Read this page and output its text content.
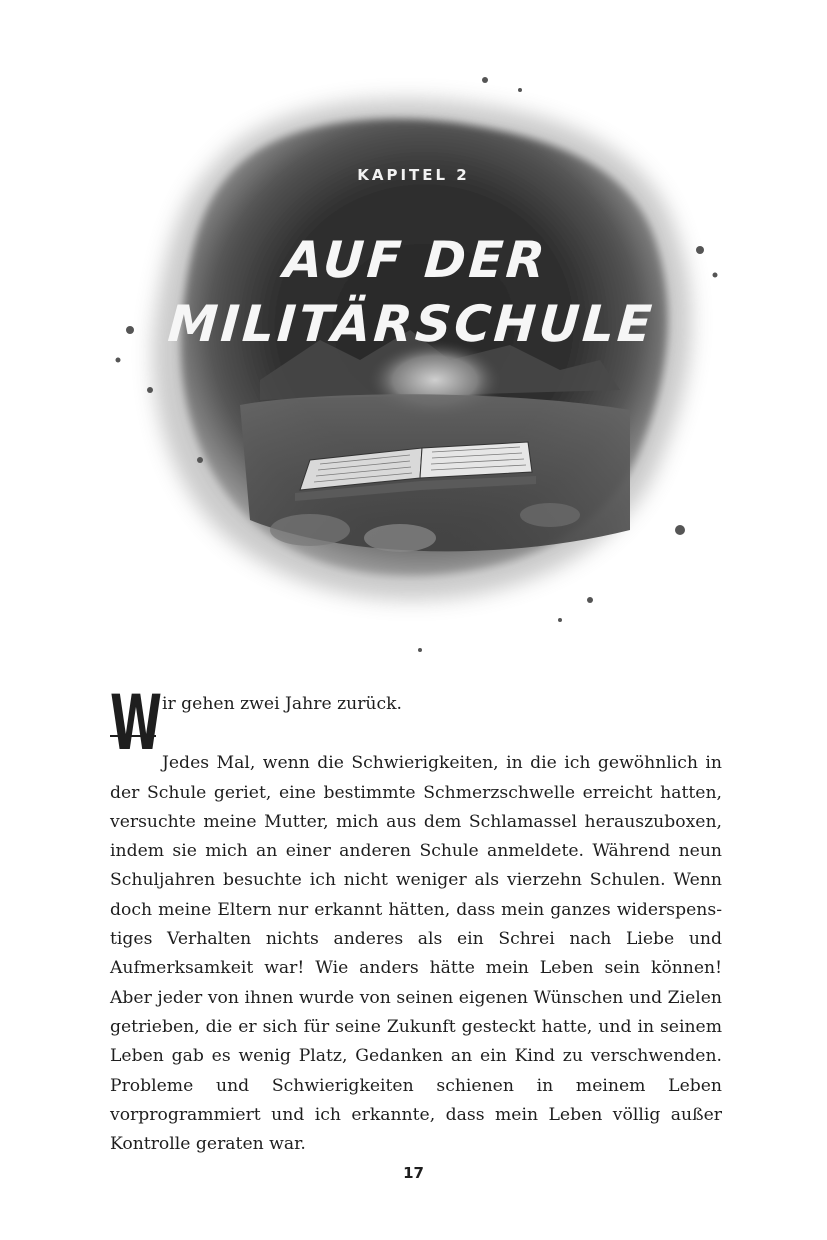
KAPITEL 2
AUF DER
MILITÄRSCHULE
W ir gehen zwei Jahre zurück.
Jedes Mal, wenn die Schwierigkeiten, in die ich gewöhnlich in der Schule geriet, eine bestimmte Schmerzschwelle erreicht hatten, versuchte meine Mutter, mich aus dem Schlamassel herauszuboxen, indem sie mich an einer anderen Schule anmeldete. Während neun Schuljahren besuchte ich nicht weniger als vierzehn Schulen. Wenn doch meine Eltern nur erkannt hätten, dass mein ganzes widerspenstiges Verhalten nichts anderes als ein Schrei nach Liebe und Aufmerksamkeit war! Wie anders hätte mein Leben sein können! Aber jeder von ihnen wurde von seinen eigenen Wünschen und Zielen getrieben, die er sich für seine Zukunft gesteckt hatte, und in seinem Leben gab es wenig Platz, Gedanken an ein Kind zu verschwenden. Probleme und Schwierigkeiten schienen in meinem Leben vorprogrammiert und ich erkannte, dass mein Leben völlig außer Kontrolle geraten war.
17
